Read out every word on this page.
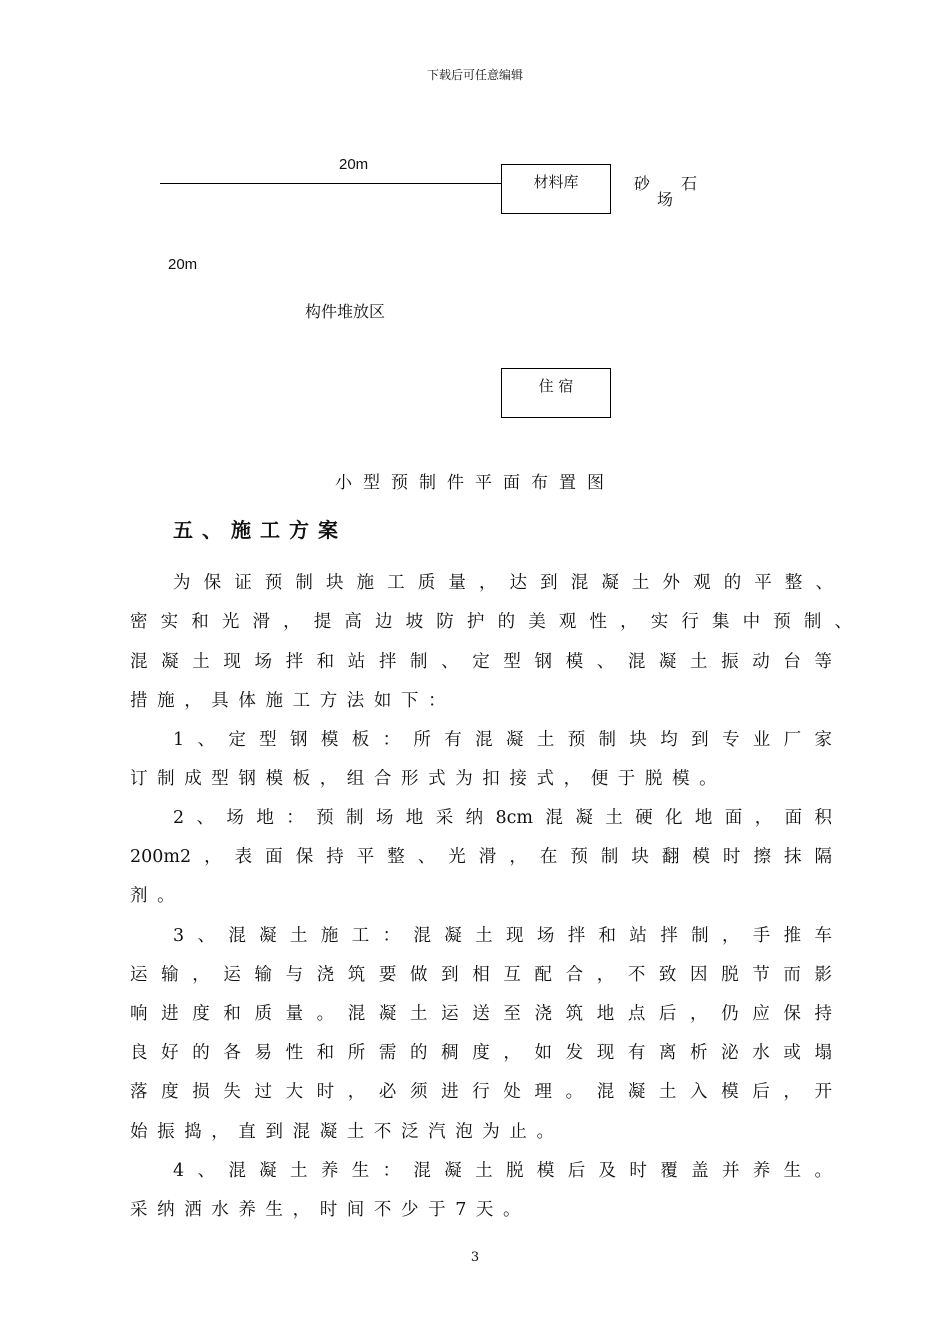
下载后可任意编辑
20m
材料库	砂 石
场
20m
构件堆放区
住 宿
小型预制件平面布置图
五、施工方案
为保证预制块施工质量，达到混凝土外观的平整、
密实和光滑，提高边坡防护的美观性，实行集中预制、
混凝土现场拌和站拌制、定型钢模、混凝土振动台等
措施，具体施工方法如下：
1、定型钢模板：所有混凝土预制块均到专业厂家
订制成型钢模板，组合形式为扣接式，便于脱模。
2、场地：预制场地采纳8cm混凝土硬化地面，面积
200m2，表面保持平整、光滑，在预制块翻模时擦抹隔
剂。
3、混凝土施工：混凝土现场拌和站拌制，手推车
运输，运输与浇筑要做到相互配合，不致因脱节而影
响进度和质量。混凝土运送至浇筑地点后，仍应保持
良好的各易性和所需的稠度，如发现有离析泌水或塌
落度损失过大时，必须进行处理。混凝土入模后，开
始振捣，直到混凝土不泛汽泡为止。
4、混凝土养生：混凝土脱模后及时覆盖并养生。
采纳洒水养生，时间不少于7天。
3
